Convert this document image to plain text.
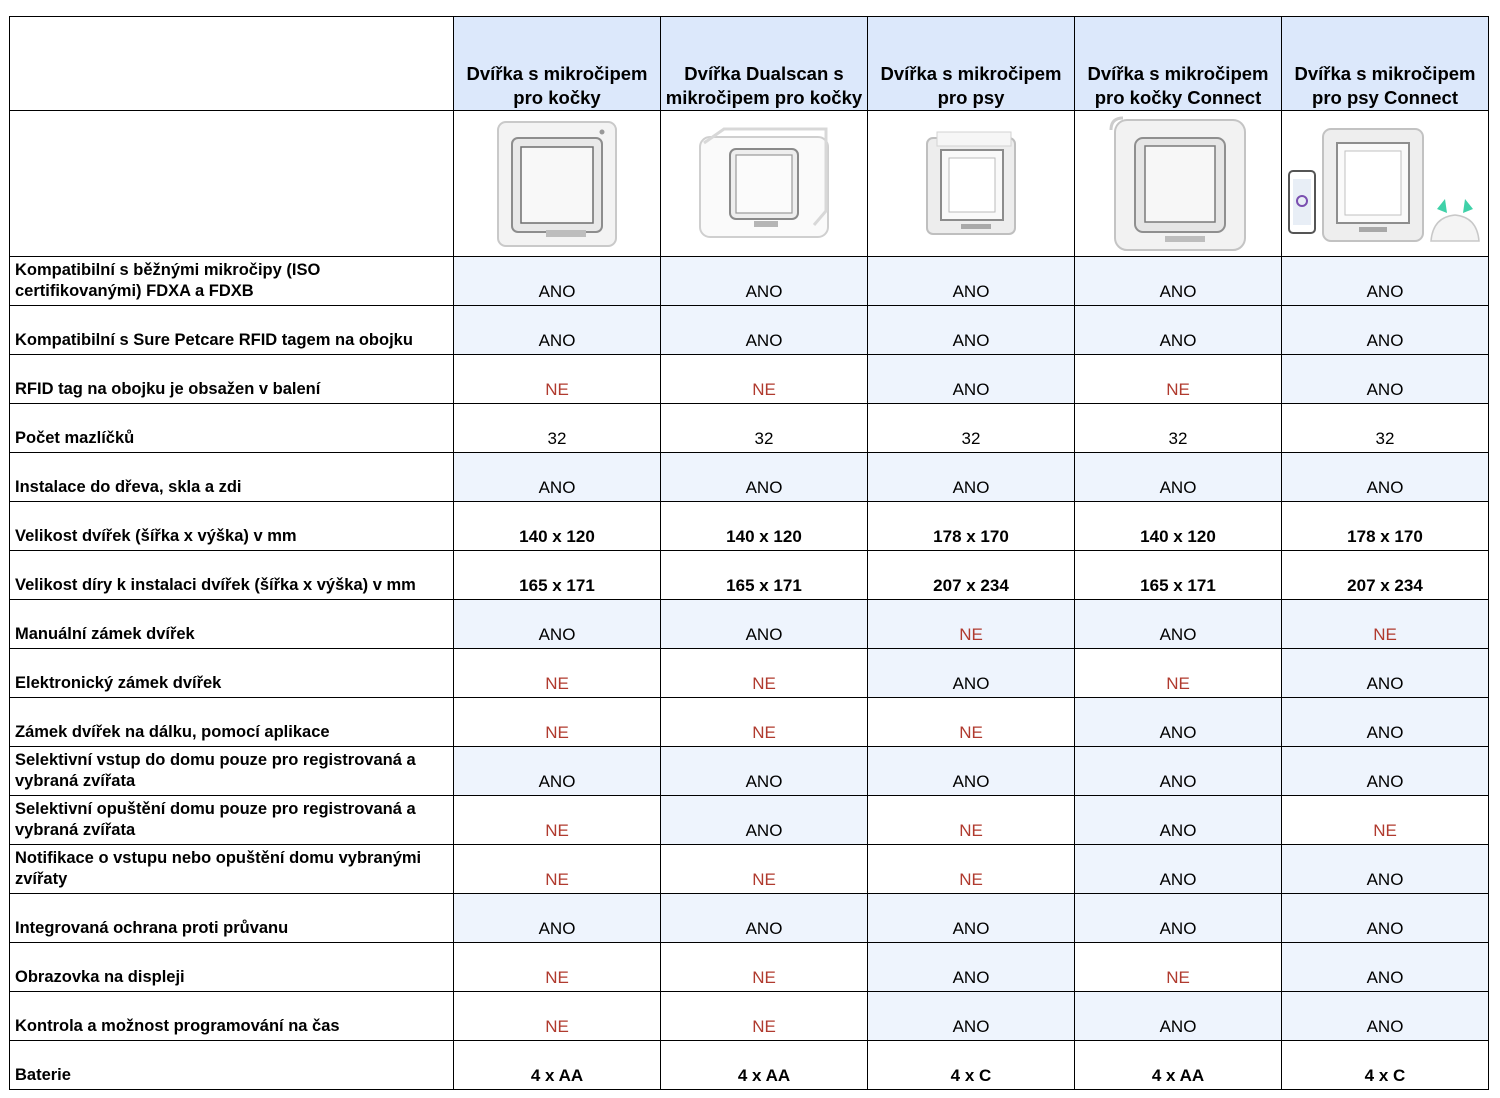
	Dvířka s mikročipem pro kočky	Dvířka Dualscan s mikročipem pro kočky	Dvířka s mikročipem pro psy	Dvířka s mikročipem pro kočky Connect	Dvířka s mikročipem pro psy Connect

Kompatibilní s běžnými mikročipy (ISO certifikovanými) FDXA a FDXB	ANO	ANO	ANO	ANO	ANO
Kompatibilní s Sure Petcare RFID tagem na obojku	ANO	ANO	ANO	ANO	ANO
RFID tag na obojku je obsažen v balení	NE	NE	ANO	NE	ANO
Počet mazlíčků	32	32	32	32	32
Instalace do dřeva, skla a zdi	ANO	ANO	ANO	ANO	ANO
Velikost dvířek (šířka x výška) v mm	140 x 120	140 x 120	178 x 170	140 x 120	178 x 170
Velikost díry k instalaci dvířek (šířka x výška) v mm	165 x 171	165 x 171	207 x 234	165 x 171	207 x 234
Manuální zámek dvířek	ANO	ANO	NE	ANO	NE
Elektronický zámek dvířek	NE	NE	ANO	NE	ANO
Zámek dvířek na dálku, pomocí aplikace	NE	NE	NE	ANO	ANO
Selektivní vstup do domu pouze pro registrovaná a vybraná zvířata	ANO	ANO	ANO	ANO	ANO
Selektivní opuštění domu pouze pro registrovaná a vybraná zvířata	NE	ANO	NE	ANO	NE
Notifikace o vstupu nebo opuštění domu vybranými zvířaty	NE	NE	NE	ANO	ANO
Integrovaná ochrana proti průvanu	ANO	ANO	ANO	ANO	ANO
Obrazovka na displeji	NE	NE	ANO	NE	ANO
Kontrola a možnost programování na čas	NE	NE	ANO	ANO	ANO
Baterie	4 x AA	4 x AA	4 x C	4 x AA	4 x C
